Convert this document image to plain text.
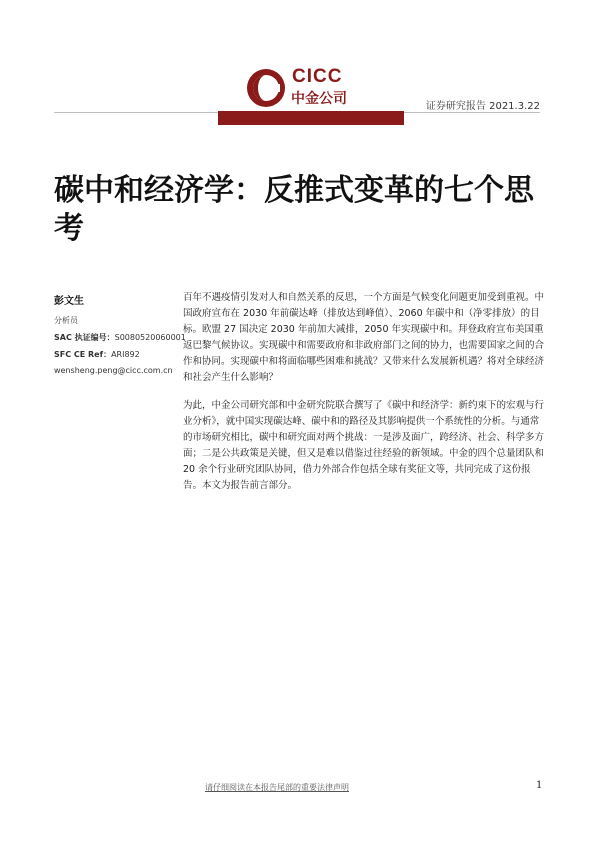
CICC
中金公司	证券研究报告 2021.3.22
碳中和经济学：反推式变革的七个思考
彭文生
分析员
SAC 执证编号：S0080520060001
SFC CE Ref：ARI892
wensheng.peng@cicc.com.cn

百年不遇疫情引发对人和自然关系的反思，一个方面是气候变化问题更加受到重视。中国政府宣布在 2030 年前碳达峰（排放达到峰值）、2060 年碳中和（净零排放）的目标。欧盟 27 国决定 2030 年前加大减排，2050 年实现碳中和。拜登政府宣布美国重返巴黎气候协议。实现碳中和需要政府和非政府部门之间的协力，也需要国家之间的合作和协同。实现碳中和将面临哪些困难和挑战？又带来什么发展新机遇？将对全球经济和社会产生什么影响？

为此，中金公司研究部和中金研究院联合撰写了《碳中和经济学：新约束下的宏观与行业分析》，就中国实现碳达峰、碳中和的路径及其影响提供一个系统性的分析。与通常的市场研究相比，碳中和研究面对两个挑战：一是涉及面广，跨经济、社会、科学多方面；二是公共政策是关键，但又是难以借鉴过往经验的新领域。中金的四个总量团队和 20 余个行业研究团队协同，借力外部合作包括全球有奖征文等，共同完成了这份报告。本文为报告前言部分。

请仔细阅读在本报告尾部的重要法律声明	1
